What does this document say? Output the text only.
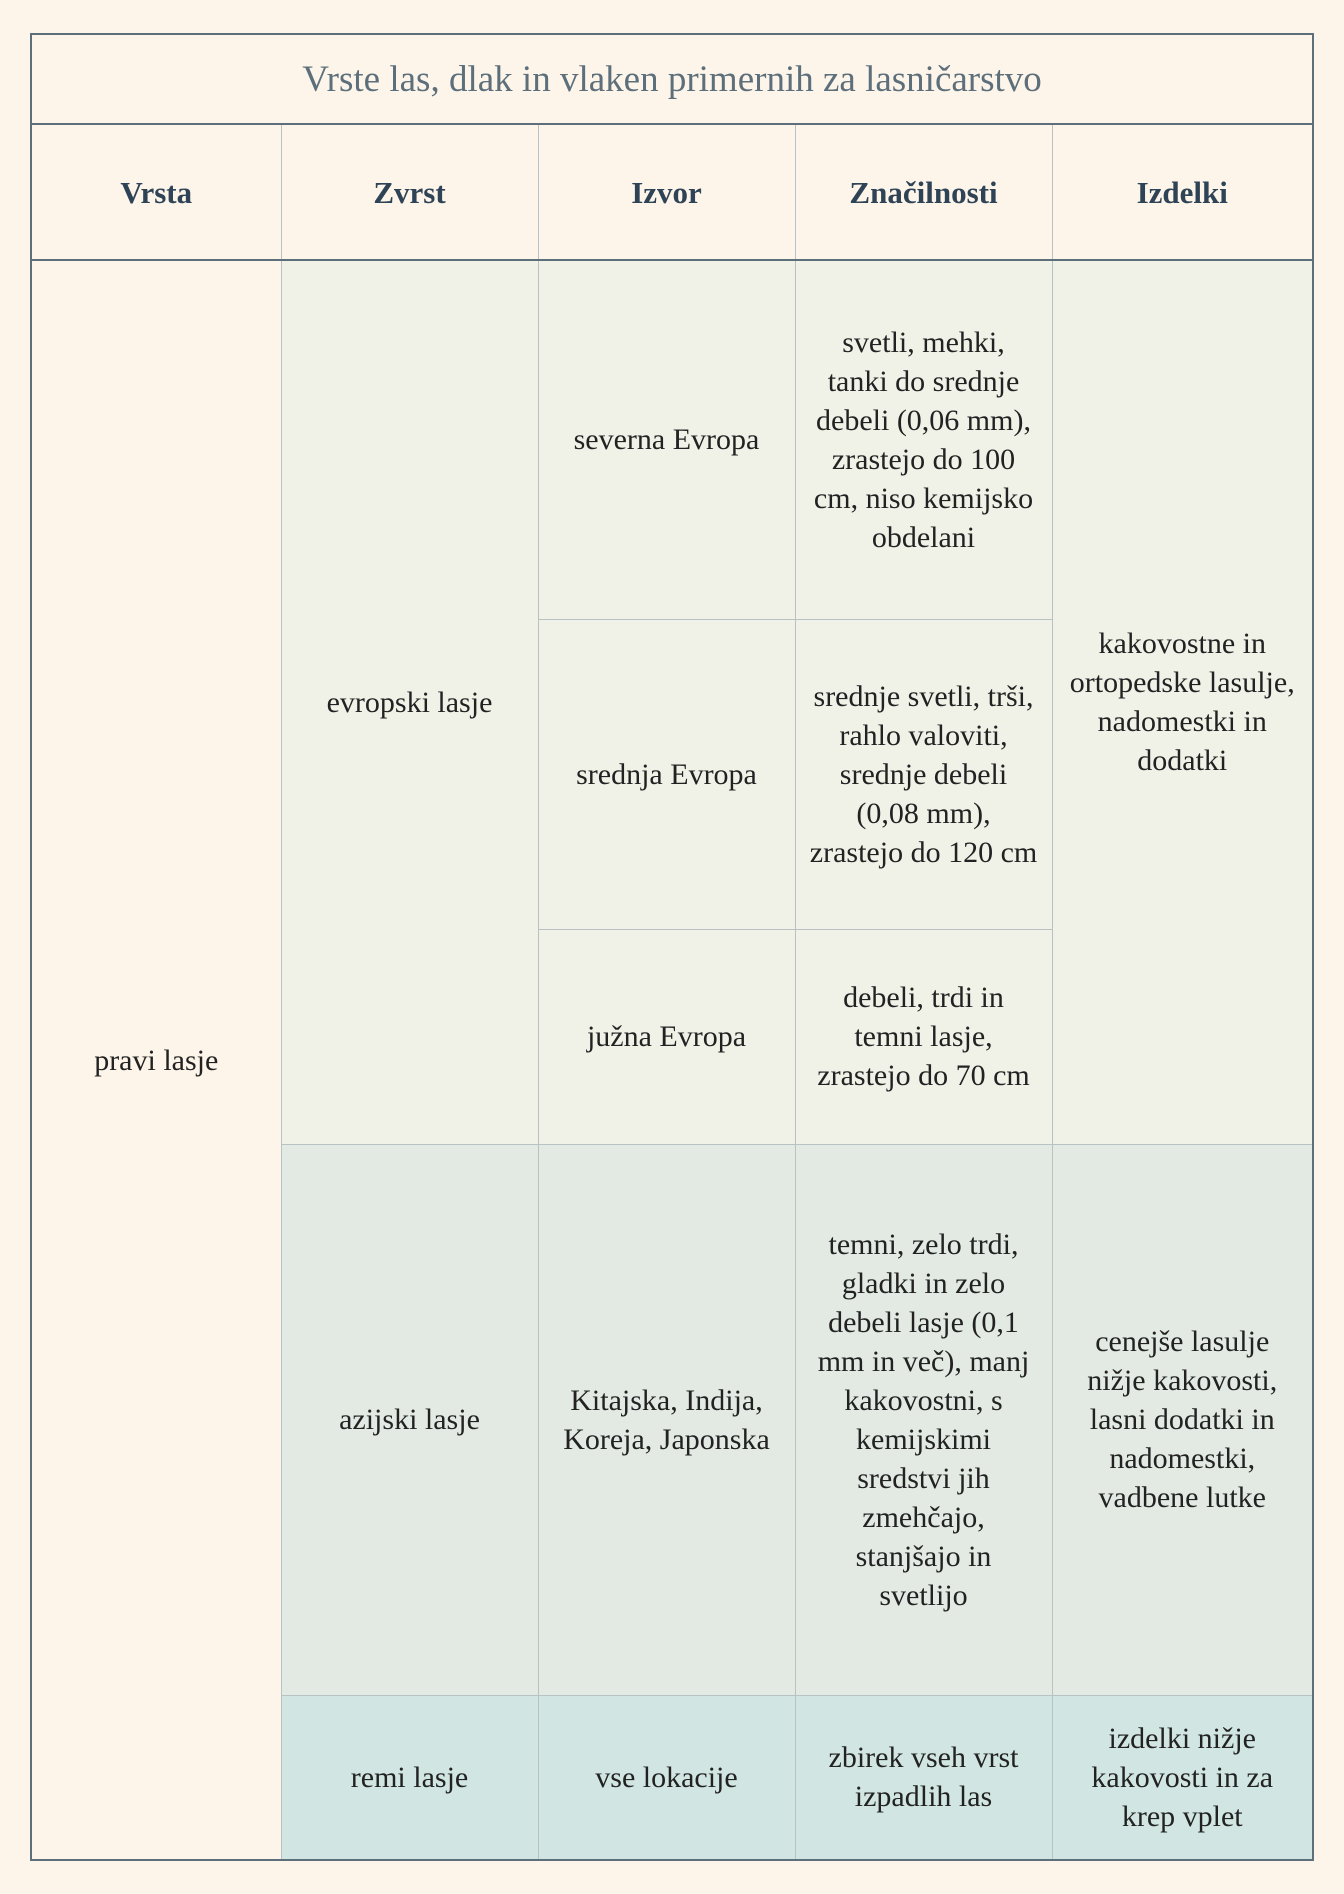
Vrste las, dlak in vlaken primernih za lasničarstvo				
Vrsta	Zvrst	Izvor	Značilnosti	Izdelki
pravi lasje	evropski lasje	severna Evropa	svetli, mehki, tanki do srednje debeli (0,06 mm), zrastejo do 100 cm, niso kemijsko obdelani	kakovostne in ortopedske lasulje, nadomestki in dodatki
		srednja Evropa	srednje svetli, trši, rahlo valoviti, srednje debeli (0,08 mm), zrastejo do 120 cm	
		južna Evropa	debeli, trdi in temni lasje, zrastejo do 70 cm	
	azijski lasje	Kitajska, Indija, Koreja, Japonska	temni, zelo trdi, gladki in zelo debeli lasje (0,1 mm in več), manj kakovostni, s kemijskimi sredstvi jih zmehčajo, stanjšajo in svetlijo	cenejše lasulje nižje kakovosti, lasni dodatki in nadomestki, vadbene lutke
	remi lasje	vse lokacije	zbirek vseh vrst izpadlih las	izdelki nižje kakovosti in za krep vplet
